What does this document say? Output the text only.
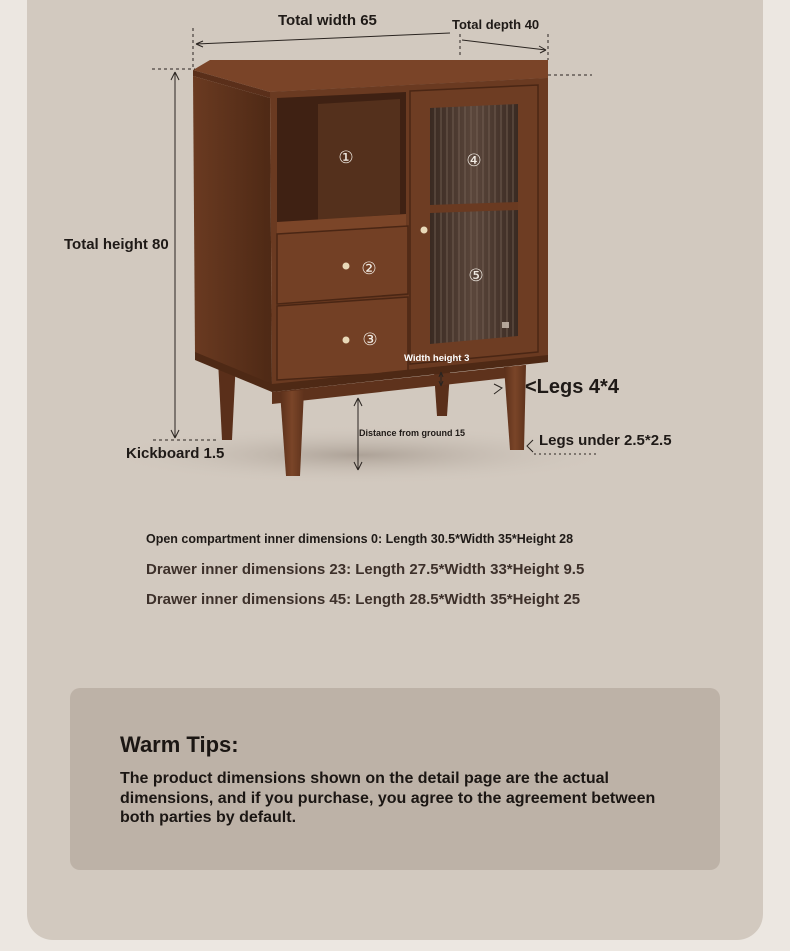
①
②
③
④
⑤
Total width 65	Total depth 40
Total height 80
Kickboard 1.5
Width height 3
Distance from ground 15
<Legs 4*4
Legs under 2.5*2.5
Open compartment inner dimensions 0: Length 30.5*Width 35*Height 28
Drawer inner dimensions 23: Length 27.5*Width 33*Height 9.5
Drawer inner dimensions 45: Length 28.5*Width 35*Height 25
Warm Tips:
The product dimensions shown on the detail page are the actual dimensions, and if you purchase, you agree to the agreement between both parties by default.
